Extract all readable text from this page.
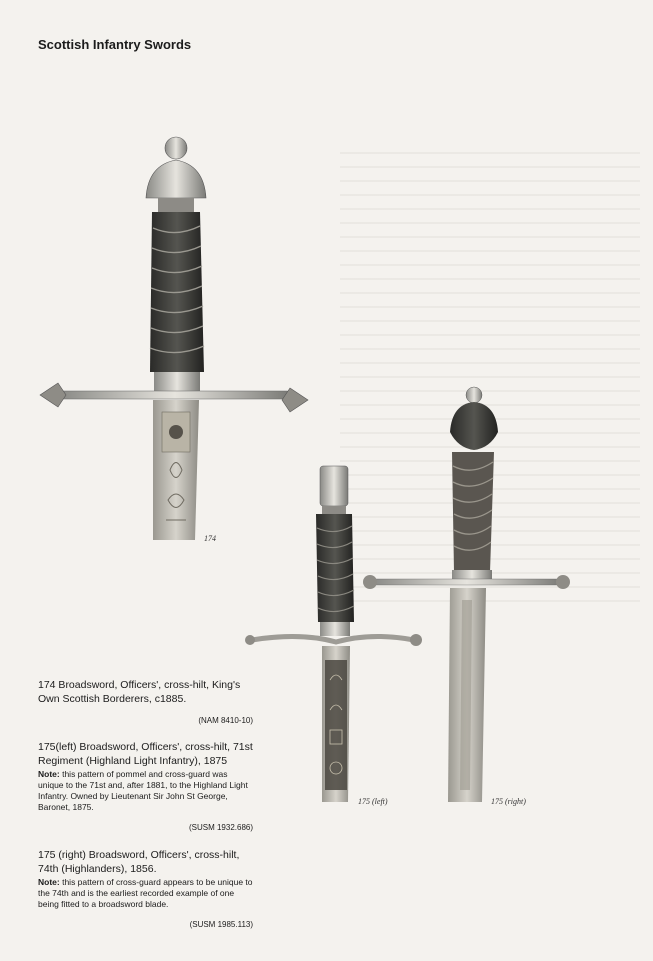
Scottish Infantry Swords
174
175 (left)	175 (right)

174 Broadsword, Officers', cross-hilt, King's Own Scottish Borderers, c1885.

(NAM 8410-10)

175(left) Broadsword, Officers', cross-hilt, 71st Regiment (Highland Light Infantry), 1875

Note: this pattern of pommel and cross-guard was unique to the 71st and, after 1881, to the Highland Light Infantry. Owned by Lieutenant Sir John St George, Baronet, 1875.
(SUSM 1932.686)

175 (right) Broadsword, Officers', cross-hilt, 74th (Highlanders), 1856.

Note: this pattern of cross-guard appears to be unique to the 74th and is the earliest recorded example of one being fitted to a broadsword blade.
(SUSM 1985.113)
